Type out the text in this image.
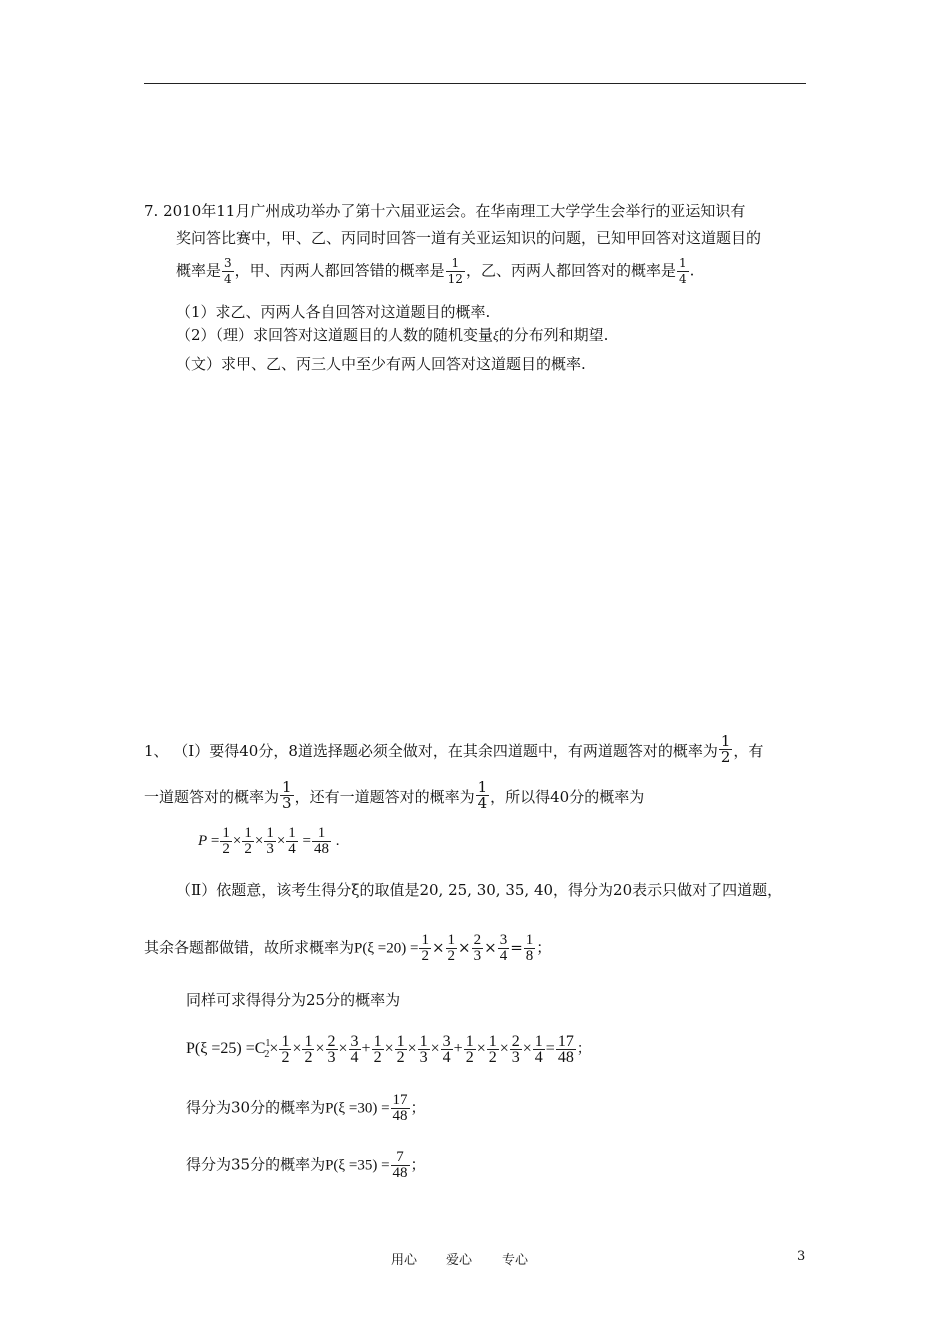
7. 2010年11月广州成功举办了第十六届亚运会。在华南理工大学学生会举行的亚运知识有
奖问答比赛中，甲、乙、丙同时回答一道有关亚运知识的问题，已知甲回答对这道题目的
概率是 $\frac{3}{4}$ ，甲、丙两人都回答错的概率是 $\frac{1}{12}$ ，乙、丙两人都回答对的概率是 $\frac{1}{4}$ .
（1）求乙、丙两人各自回答对这道题目的概率.
（2）（理）求回答对这道题目的人数的随机变量ξ的分布列和期望.
（文）求甲、乙、丙三人中至少有两人回答对这道题目的概率.
1、 （Ⅰ）要得40分，8道选择题必须全做对，在其余四道题中，有两道题答对的概率为 $\frac{1}{2}$ ，有
一道题答对的概率为 $\frac{1}{3}$ ，还有一道题答对的概率为 $\frac{1}{4}$ ，所以得40分的概率为
$P = \frac{1}{2} \times \frac{1}{2} \times \frac{1}{3} \times \frac{1}{4} = \frac{1}{48}$ .
（Ⅱ）依题意，该考生得分ξ的取值是20, 25, 30, 35, 40，得分为20表示只做对了四道题，
其余各题都做错，故所求概率为$P(\xi =20) = \frac{1}{2} \times \frac{1}{2} \times \frac{2}{3} \times \frac{3}{4} = \frac{1}{8}$ ；
同样可求得得分为25分的概率为
$P(\xi =25) =C^1_2\times \frac{1}{2} \times \frac{1}{2} \times \frac{2}{3} \times \frac{3}{4} + \frac{1}{2} \times \frac{1}{2} \times \frac{1}{3} \times \frac{3}{4} + \frac{1}{2} \times \frac{1}{2} \times \frac{2}{3} \times \frac{1}{4} = \frac{17}{48}$ ；
得分为30分的概率为$P(\xi =30) = \frac{17}{48}$ ；
得分为35分的概率为$P(\xi =35) = \frac{7}{48}$ ；
用心 爱心 专心	3
